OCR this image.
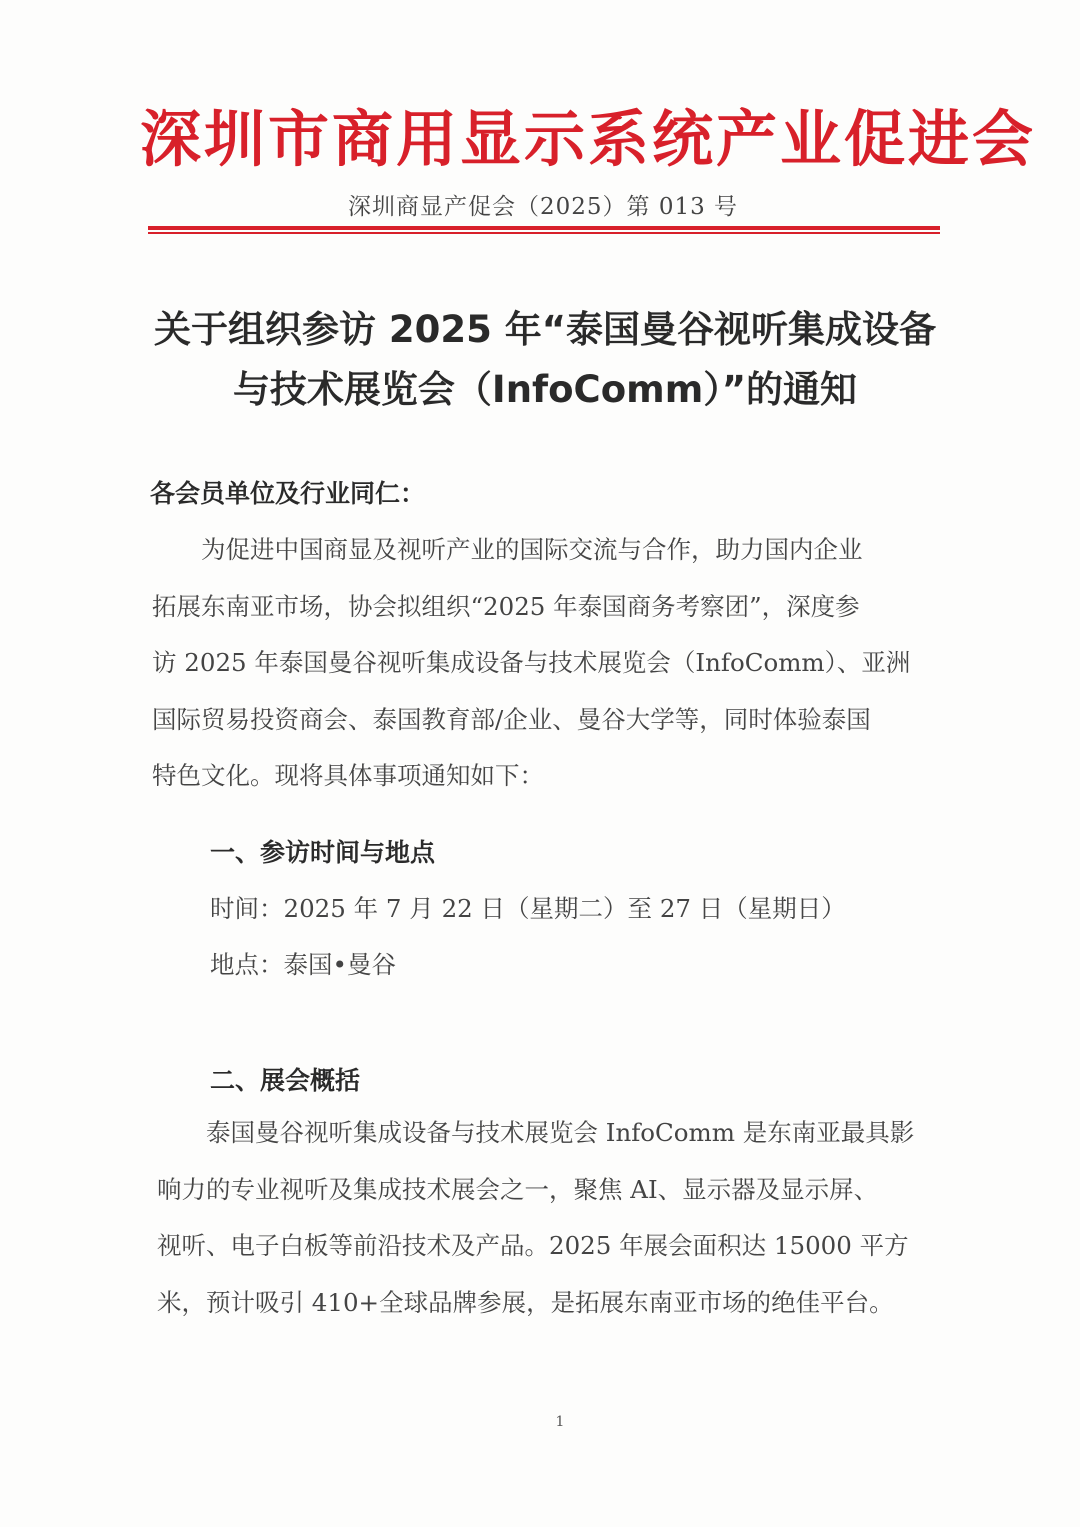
深圳市商用显示系统产业促进会
深圳商显产促会（2025）第 013 号
关于组织参访 2025 年“泰国曼谷视听集成设备
与技术展览会（InfoComm）”的通知
各会员单位及行业同仁：
　　为促进中国商显及视听产业的国际交流与合作，助力国内企业
拓展东南亚市场，协会拟组织“2025 年泰国商务考察团”，深度参
访 2025 年泰国曼谷视听集成设备与技术展览会（InfoComm）、亚洲
国际贸易投资商会、泰国教育部/企业、曼谷大学等，同时体验泰国
特色文化。现将具体事项通知如下：
一、参访时间与地点
时间：2025 年 7 月 22 日（星期二）至 27 日（星期日）
地点：泰国•曼谷
二、展会概括
　　泰国曼谷视听集成设备与技术展览会 InfoComm 是东南亚最具影
响力的专业视听及集成技术展会之一，聚焦 AI、显示器及显示屏、
视听、电子白板等前沿技术及产品。2025 年展会面积达 15000 平方
米，预计吸引 410+全球品牌参展，是拓展东南亚市场的绝佳平台。
1
